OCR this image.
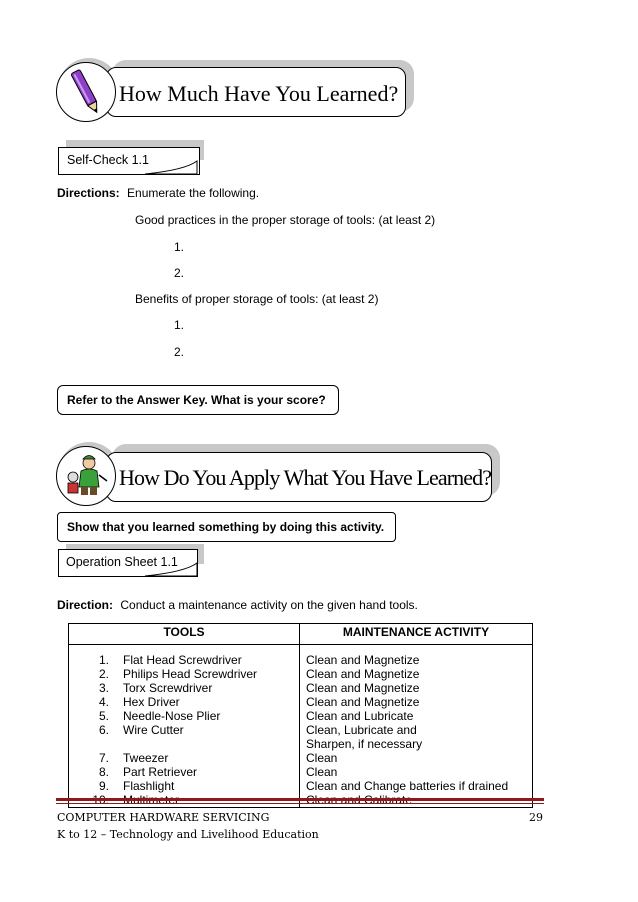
How Much Have You Learned?
Self-Check 1.1
Directions: Enumerate the following.
Good practices in the proper storage of tools: (at least 2)
1.
2.
Benefits of proper storage of tools: (at least 2)
1.
2.
Refer to the Answer Key. What is your score?
How Do You Apply What You Have Learned?
Show that you learned something by doing this activity.
Operation Sheet 1.1
Direction: Conduct a maintenance activity on the given hand tools.
TOOLS		MAINTENANCE ACTIVITY
1.	Flat Head Screwdriver	Clean and Magnetize
2.	Philips Head Screwdriver	Clean and Magnetize
3.	Torx Screwdriver	Clean and Magnetize
4.	Hex Driver	Clean and Magnetize
5.	Needle-Nose Plier	Clean and Lubricate
6.	Wire Cutter	Clean, Lubricate and
		Sharpen, if necessary
7.	Tweezer	Clean
8.	Part Retriever	Clean
9.	Flashlight	Clean and Change batteries if drained

COMPUTER HARDWARE SERVICING	29
K to 12 – Technology and Livelihood Education
